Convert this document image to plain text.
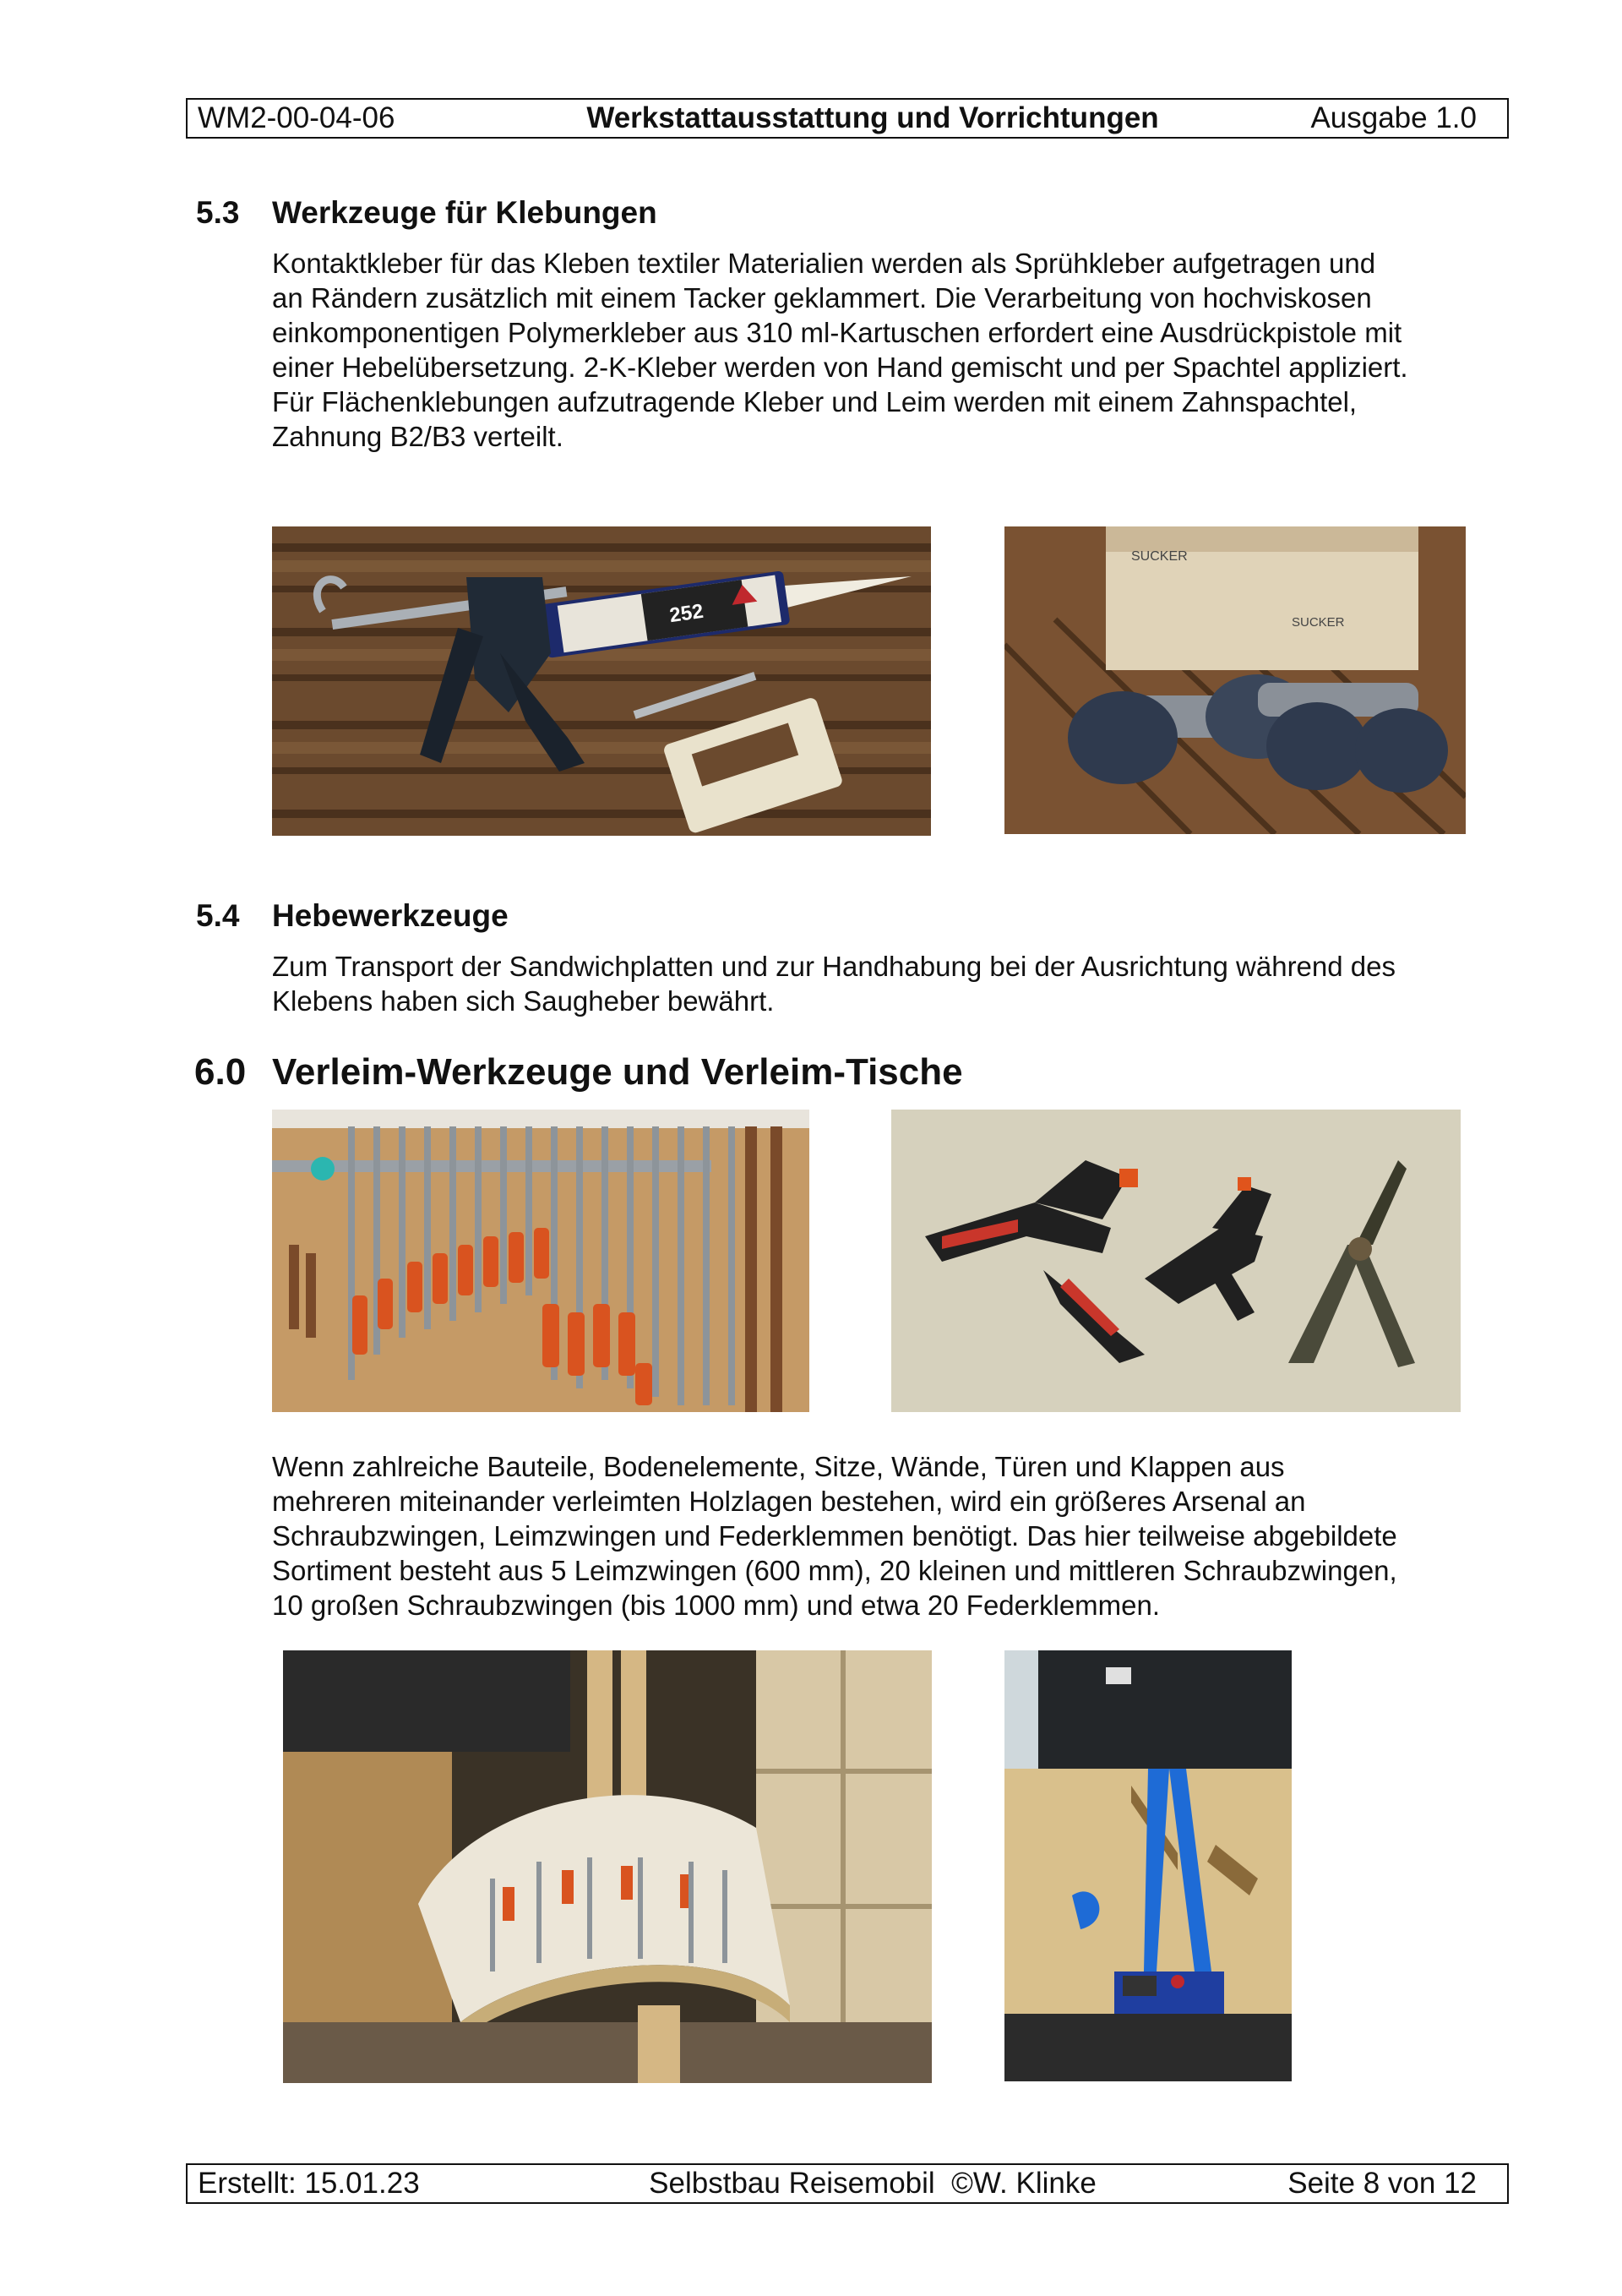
WM2-00-04-06	Werkstattausstattung und Vorrichtungen	Ausgabe 1.0
5.3 Werkzeuge für Klebungen
Kontaktkleber für das Kleben textiler Materialien werden als Sprühkleber aufgetragen und
an Rändern zusätzlich mit einem Tacker geklammert. Die Verarbeitung von hochviskosen
einkomponentigen Polymerkleber aus 310 ml-Kartuschen erfordert eine Ausdrückpistole mit
einer Hebelübersetzung. 2-K-Kleber werden von Hand gemischt und per Spachtel appliziert.
Für Flächenklebungen aufzutragende Kleber und Leim werden mit einem Zahnspachtel,
Zahnung B2/B3 verteilt.
252
SUCKER
SUCKER
5.4 Hebewerkzeuge
Zum Transport der Sandwichplatten und zur Handhabung bei der Ausrichtung während des
Klebens haben sich Saugheber bewährt.
6.0 Verleim-Werkzeuge und Verleim-Tische
Wenn zahlreiche Bauteile, Bodenelemente, Sitze, Wände, Türen und Klappen aus
mehreren miteinander verleimten Holzlagen bestehen, wird ein größeres Arsenal an
Schraubzwingen, Leimzwingen und Federklemmen benötigt. Das hier teilweise abgebildete
Sortiment besteht aus 5 Leimzwingen (600 mm), 20 kleinen und mittleren Schraubzwingen,
10 großen Schraubzwingen (bis 1000 mm) und etwa 20 Federklemmen.
Erstellt: 15.01.23	Selbstbau Reisemobil  ©W. Klinke	Seite 8 von 12
